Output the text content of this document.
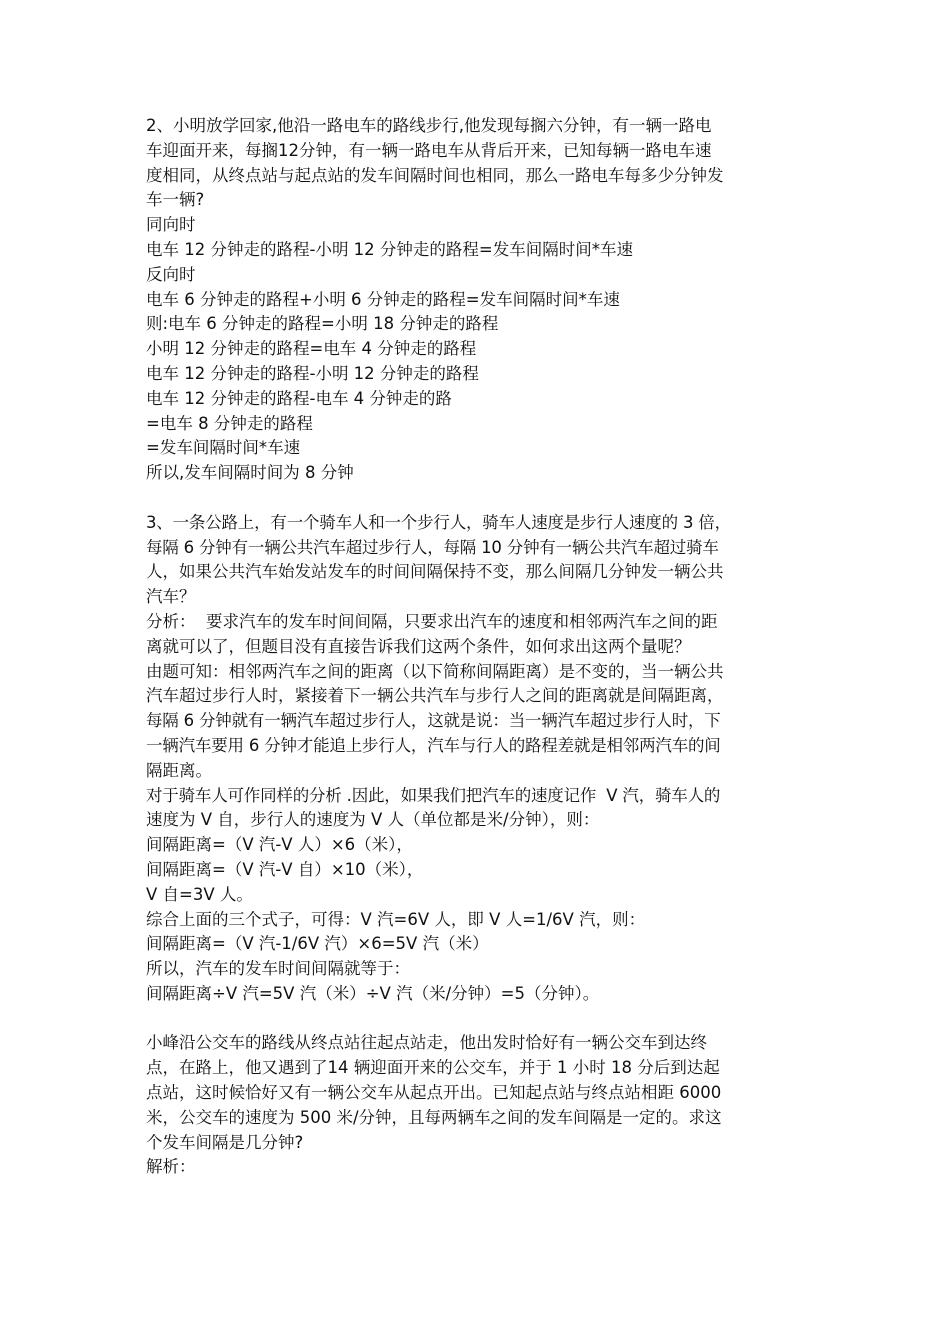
2、小明放学回家,他沿一路电车的路线步行,他发现每搁六分钟，有一辆一路电

车迎面开来，每搁12分钟，有一辆一路电车从背后开来，已知每辆一路电车速

度相同，从终点站与起点站的发车间隔时间也相同，那么一路电车每多少分钟发

车一辆?

同向时

电车 12 分钟走的路程-小明 12 分钟走的路程=发车间隔时间*车速

反向时

电车 6 分钟走的路程+小明 6 分钟走的路程=发车间隔时间*车速

则:电车 6 分钟走的路程=小明 18 分钟走的路程

小明 12 分钟走的路程=电车 4 分钟走的路程

电车 12 分钟走的路程-小明 12 分钟走的路程

电车 12 分钟走的路程-电车 4 分钟走的路

=电车 8 分钟走的路程

=发车间隔时间*车速

所以,发车间隔时间为 8 分钟

3、一条公路上，有一个骑车人和一个步行人，骑车人速度是步行人速度的 3 倍，

每隔 6 分钟有一辆公共汽车超过步行人，每隔 10 分钟有一辆公共汽车超过骑车

人，如果公共汽车始发站发车的时间间隔保持不变，那么间隔几分钟发一辆公共

汽车？

分析：  要求汽车的发车时间间隔，只要求出汽车的速度和相邻两汽车之间的距

离就可以了，但题目没有直接告诉我们这两个条件，如何求出这两个量呢？

由题可知：相邻两汽车之间的距离（以下简称间隔距离）是不变的，当一辆公共

汽车超过步行人时，紧接着下一辆公共汽车与步行人之间的距离就是间隔距离，

每隔 6 分钟就有一辆汽车超过步行人，这就是说：当一辆汽车超过步行人时，下

一辆汽车要用 6 分钟才能追上步行人，汽车与行人的路程差就是相邻两汽车的间

隔距离。

对于骑车人可作同样的分析 .因此，如果我们把汽车的速度记作  V 汽，骑车人的

速度为 V 自，步行人的速度为 V 人（单位都是米/分钟），则：

间隔距离=（V 汽-V 人）×6（米），

间隔距离=（V 汽-V 自）×10（米），

V 自=3V 人。

综合上面的三个式子，可得：V 汽=6V 人，即 V 人=1/6V 汽，则：

间隔距离=（V 汽-1/6V 汽）×6=5V 汽（米）

所以，汽车的发车时间间隔就等于：

间隔距离÷V 汽=5V 汽（米）÷V 汽（米/分钟）=5（分钟）。

小峰沿公交车的路线从终点站往起点站走，他出发时恰好有一辆公交车到达终

点，在路上，他又遇到了14 辆迎面开来的公交车，并于 1 小时 18 分后到达起

点站，这时候恰好又有一辆公交车从起点开出。已知起点站与终点站相距 6000

米，公交车的速度为 500 米/分钟，且每两辆车之间的发车间隔是一定的。求这

个发车间隔是几分钟?

解析：
